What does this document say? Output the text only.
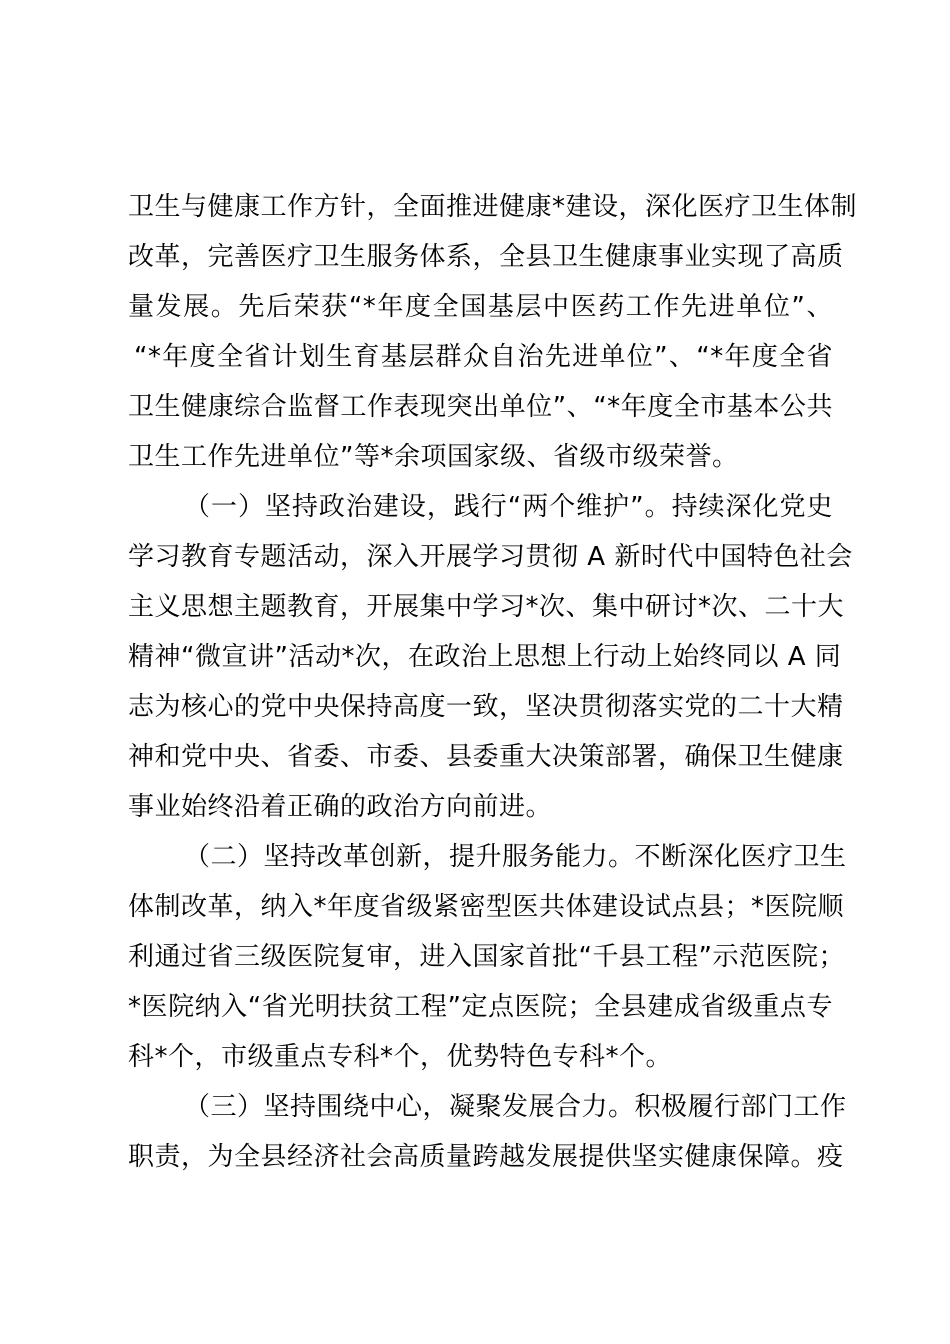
卫生与健康工作方针，全面推进健康*建设，深化医疗卫生体制
改革，完善医疗卫生服务体系，全县卫生健康事业实现了高质
量发展。先后荣获“*年度全国基层中医药工作先进单位”、
“*年度全省计划生育基层群众自治先进单位”、“*年度全省
卫生健康综合监督工作表现突出单位”、“*年度全市基本公共
卫生工作先进单位”等*余项国家级、省级市级荣誉。
（一）坚持政治建设，践行“两个维护”。持续深化党史
学习教育专题活动，深入开展学习贯彻 A 新时代中国特色社会
主义思想主题教育，开展集中学习*次、集中研讨*次、二十大
精神“微宣讲”活动*次，在政治上思想上行动上始终同以 A 同
志为核心的党中央保持高度一致，坚决贯彻落实党的二十大精
神和党中央、省委、市委、县委重大决策部署，确保卫生健康
事业始终沿着正确的政治方向前进。
（二）坚持改革创新，提升服务能力。不断深化医疗卫生
体制改革，纳入*年度省级紧密型医共体建设试点县；*医院顺
利通过省三级医院复审，进入国家首批“千县工程”示范医院；
*医院纳入“省光明扶贫工程”定点医院；全县建成省级重点专
科*个，市级重点专科*个，优势特色专科*个。
（三）坚持围绕中心，凝聚发展合力。积极履行部门工作
职责，为全县经济社会高质量跨越发展提供坚实健康保障。疫
